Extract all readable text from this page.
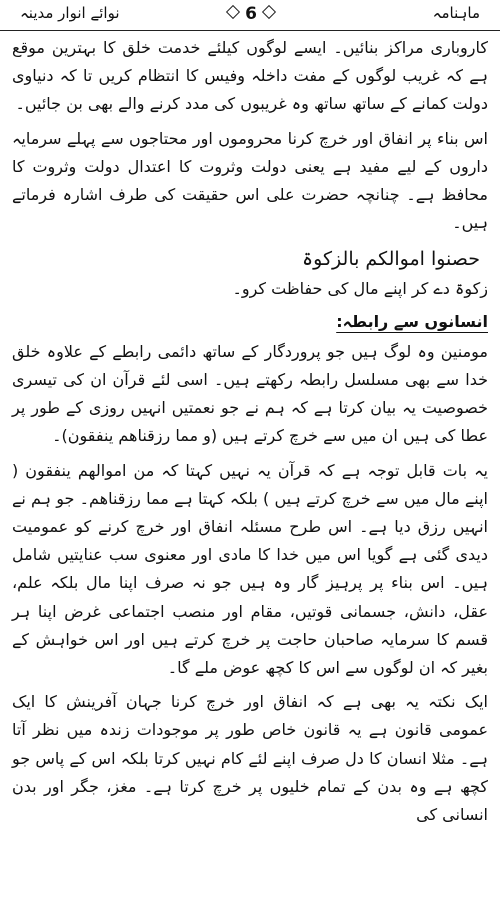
نوائے انوار مدینہ	6	ماہنامہ

کاروباری مراکز بنائیں۔ ایسے لوگوں کیلئے خدمت خلق کا بہترین موقع ہے کہ غریب لوگوں کے مفت داخلہ وفیس کا انتظام کریں تا کہ دنیاوی دولت کمانے کے ساتھ ساتھ وہ غریبوں کی مدد کرنے والے بھی بن جائیں۔

اس بناء پر انفاق اور خرچ کرنا محروموں اور محتاجوں سے پہلے سرمایہ داروں کے لیے مفید ہے یعنی دولت وثروت کا اعتدال دولت وثروت کا محافظ ہے۔ چنانچہ حضرت علی اس حقیقت کی طرف اشارہ فرماتے ہیں۔

حصنوا اموالکم بالزکوۃ

زکوۃ دے کر اپنے مال کی حفاظت کرو۔

انسانوں سے رابطہ:

مومنین وہ لوگ ہیں جو پروردگار کے ساتھ دائمی رابطے کے علاوہ خلق خدا سے بھی مسلسل رابطہ رکھتے ہیں۔ اسی لئے قرآن ان کی تیسری خصوصیت یہ بیان کرتا ہے کہ ہم نے جو نعمتیں انہیں روزی کے طور پر عطا کی ہیں ان میں سے خرچ کرتے ہیں (و مما رزقناھم ینفقون)۔

یہ بات قابل توجہ ہے کہ قرآن یہ نہیں کہتا کہ من اموالھم ینفقون ( اپنے مال میں سے خرچ کرتے ہیں ) بلکہ کہتا ہے مما رزقناھم۔ جو ہم نے انہیں رزق دیا ہے۔ اس طرح مسئلہ انفاق اور خرچ کرنے کو عمومیت دیدی گئی ہے گویا اس میں خدا کا مادی اور معنوی سب عنایتیں شامل ہیں۔ اس بناء پر پرہیز گار وہ ہیں جو نہ صرف اپنا مال بلکہ علم، عقل، دانش، جسمانی قوتیں، مقام اور منصب اجتماعی غرض اپنا ہر قسم کا سرمایہ صاحبان حاجت پر خرچ کرتے ہیں اور اس خواہش کے بغیر کہ ان لوگوں سے اس کا کچھ عوض ملے گا۔

ایک نکتہ یہ بھی ہے کہ انفاق اور خرچ کرنا جہان آفرینش کا ایک عمومی قانون ہے یہ قانون خاص طور پر موجودات زندہ میں نظر آتا ہے۔ مثلا انسان کا دل صرف اپنے لئے کام نہیں کرتا بلکہ اس کے پاس جو کچھ ہے وہ بدن کے تمام خلیوں پر خرچ کرتا ہے۔ مغز، جگر اور بدن انسانی کی
